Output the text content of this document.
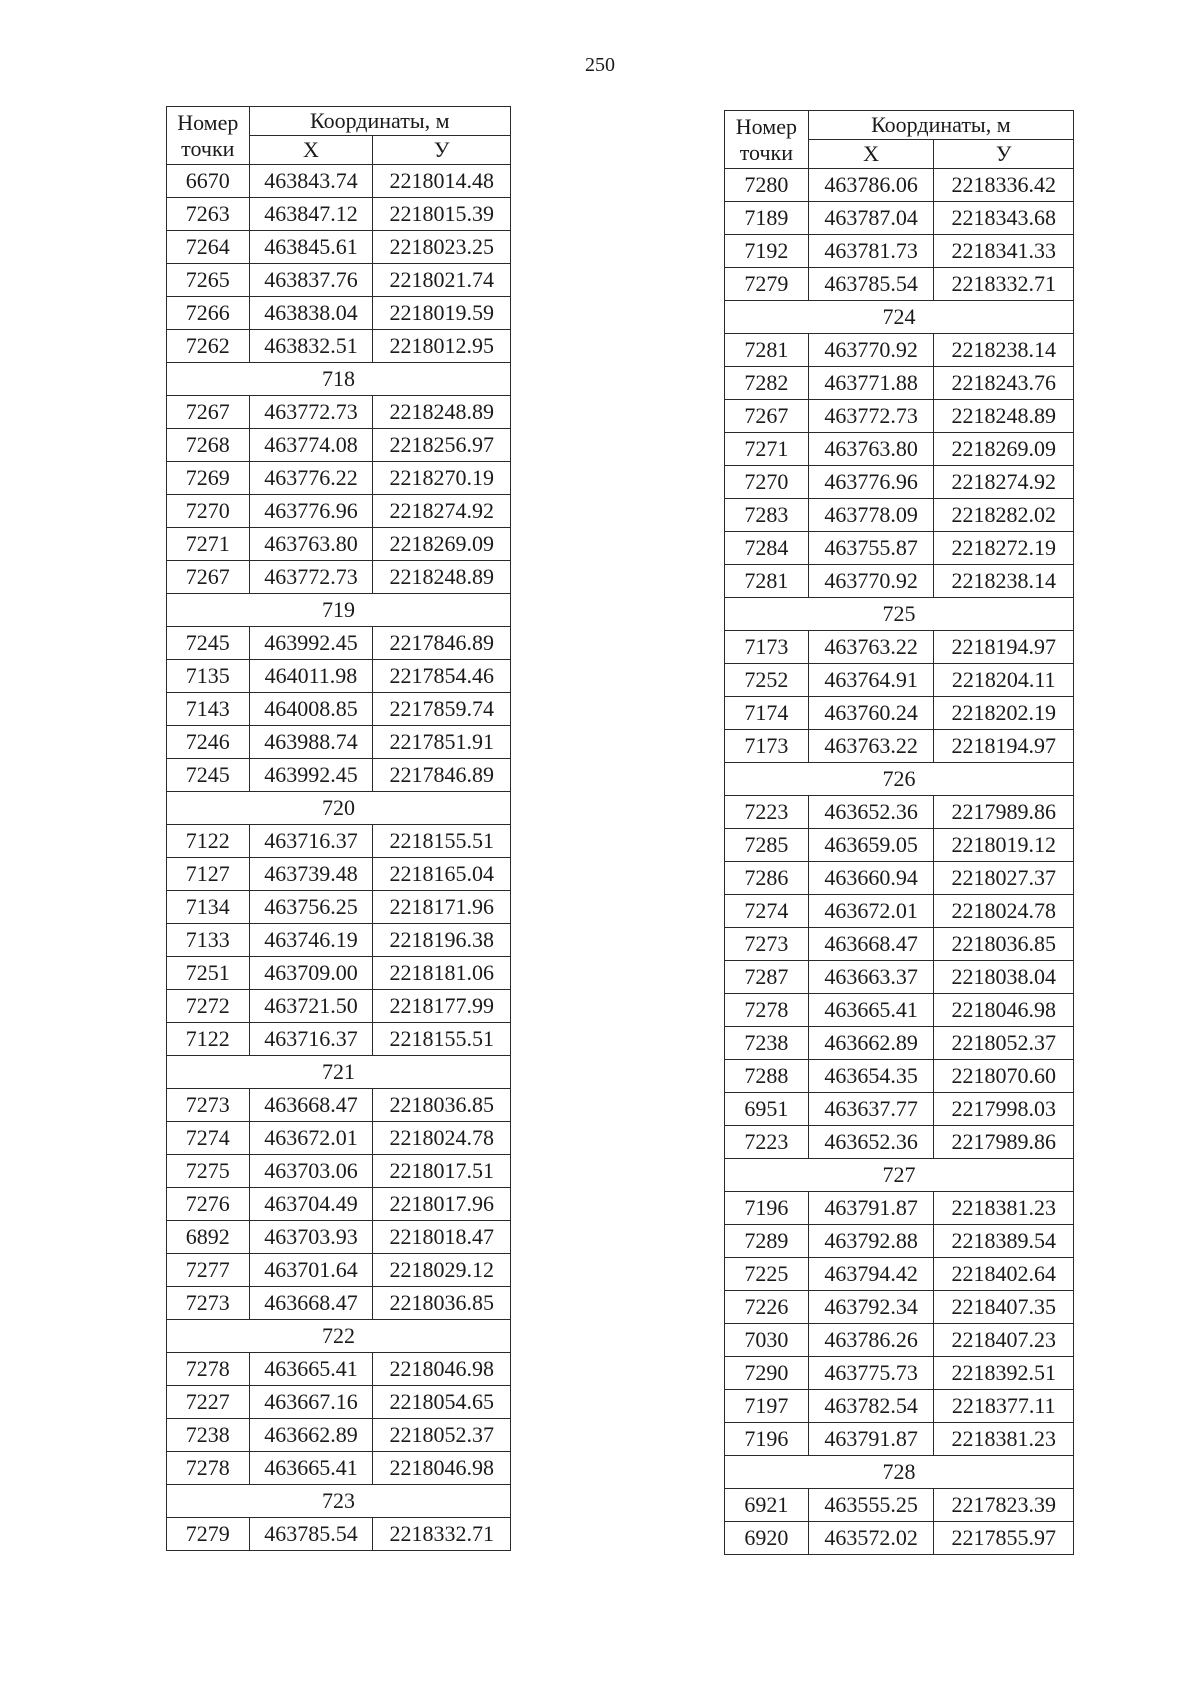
250
Номер
точки	Координаты, м	
	Х	У
6670	463843.74	2218014.48
7263	463847.12	2218015.39
7264	463845.61	2218023.25
7265	463837.76	2218021.74
7266	463838.04	2218019.59
7262	463832.51	2218012.95
718		
7267	463772.73	2218248.89
7268	463774.08	2218256.97
7269	463776.22	2218270.19
7270	463776.96	2218274.92
7271	463763.80	2218269.09
7267	463772.73	2218248.89
719		
7245	463992.45	2217846.89
7135	464011.98	2217854.46
7143	464008.85	2217859.74
7246	463988.74	2217851.91
7245	463992.45	2217846.89
720		
7122	463716.37	2218155.51
7127	463739.48	2218165.04
7134	463756.25	2218171.96
7133	463746.19	2218196.38
7251	463709.00	2218181.06
7272	463721.50	2218177.99
7122	463716.37	2218155.51
721		
7273	463668.47	2218036.85
7274	463672.01	2218024.78
7275	463703.06	2218017.51
7276	463704.49	2218017.96
6892	463703.93	2218018.47
7277	463701.64	2218029.12
7273	463668.47	2218036.85
722		
7278	463665.41	2218046.98
7227	463667.16	2218054.65
7238	463662.89	2218052.37
7278	463665.41	2218046.98
723		
7279	463785.54	2218332.71
Номер
точки	Координаты, м	
	Х	У
7280	463786.06	2218336.42
7189	463787.04	2218343.68
7192	463781.73	2218341.33
7279	463785.54	2218332.71
724		
7281	463770.92	2218238.14
7282	463771.88	2218243.76
7267	463772.73	2218248.89
7271	463763.80	2218269.09
7270	463776.96	2218274.92
7283	463778.09	2218282.02
7284	463755.87	2218272.19
7281	463770.92	2218238.14
725		
7173	463763.22	2218194.97
7252	463764.91	2218204.11
7174	463760.24	2218202.19
7173	463763.22	2218194.97
726		
7223	463652.36	2217989.86
7285	463659.05	2218019.12
7286	463660.94	2218027.37
7274	463672.01	2218024.78
7273	463668.47	2218036.85
7287	463663.37	2218038.04
7278	463665.41	2218046.98
7238	463662.89	2218052.37
7288	463654.35	2218070.60
6951	463637.77	2217998.03
7223	463652.36	2217989.86
727		
7196	463791.87	2218381.23
7289	463792.88	2218389.54
7225	463794.42	2218402.64
7226	463792.34	2218407.35
7030	463786.26	2218407.23
7290	463775.73	2218392.51
7197	463782.54	2218377.11
7196	463791.87	2218381.23
728		
6921	463555.25	2217823.39
6920	463572.02	2217855.97
